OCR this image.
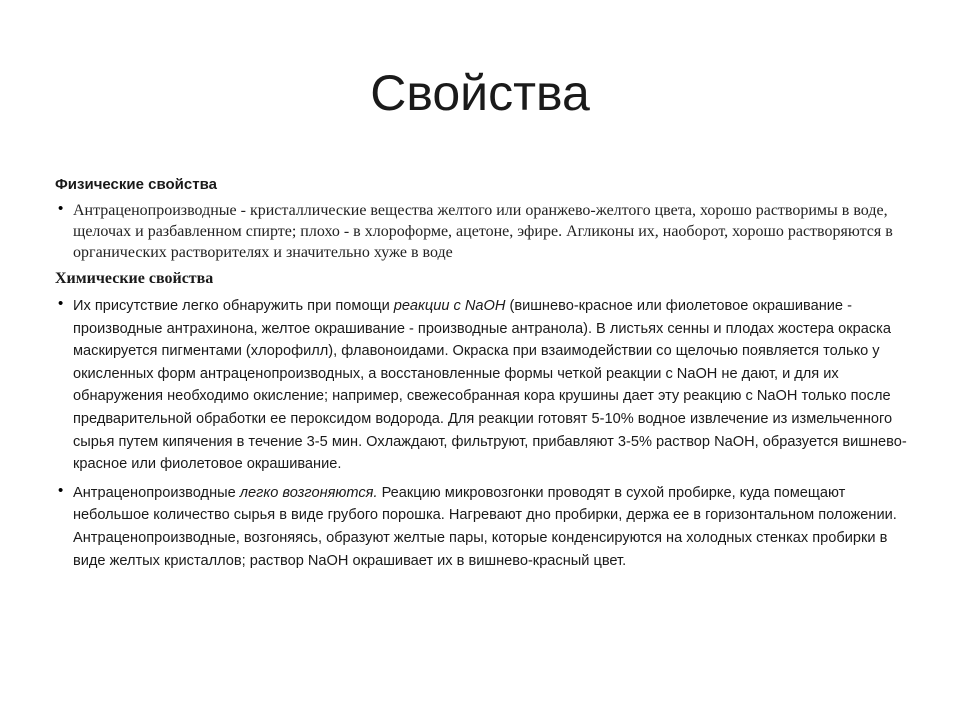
Свойства
Физические свойства
• Антраценопроизводные - кристаллические вещества желтого или оранжево-желтого цвета, хорошо растворимы в воде, щелочах и разбавленном спирте; плохо - в хлороформе, ацетоне, эфире. Агликоны их, наоборот, хорошо растворяются в органических растворителях и значительно хуже в воде

Химические свойства
• Их присутствие легко обнаружить при помощи реакции с NaOH (вишнево-красное или фиолетовое окрашивание - производные антрахинона, желтое окрашивание - производные антранола). В листьях сенны и плодах жостера окраска маскируется пигментами (хлорофилл), флавоноидами. Окраска при взаимодействии со щелочью появляется только у окисленных форм антраценопроизводных, а восстановленные формы четкой реакции с NaOH не дают, и для их обнаружения необходимо окисление; например, свежесобранная кора крушины дает эту реакцию с NaOH только после предварительной обработки ее пероксидом водорода. Для реакции готовят 5-10% водное извлечение из измельченного сырья путем кипячения в течение 3-5 мин. Охлаждают, фильтруют, прибавляют 3-5% раствор NaOH, образуется вишнево-красное или фиолетовое окрашивание.

• Антраценопроизводные легко возгоняются. Реакцию микровозгонки проводят в сухой пробирке, куда помещают небольшое количество сырья в виде грубого порошка. Нагревают дно пробирки, держа ее в горизонтальном положении. Антраценопроизводные, возгоняясь, образуют желтые пары, которые конденсируются на холодных стенках пробирки в виде желтых кристаллов; раствор NaOH окрашивает их в вишнево-красный цвет.
